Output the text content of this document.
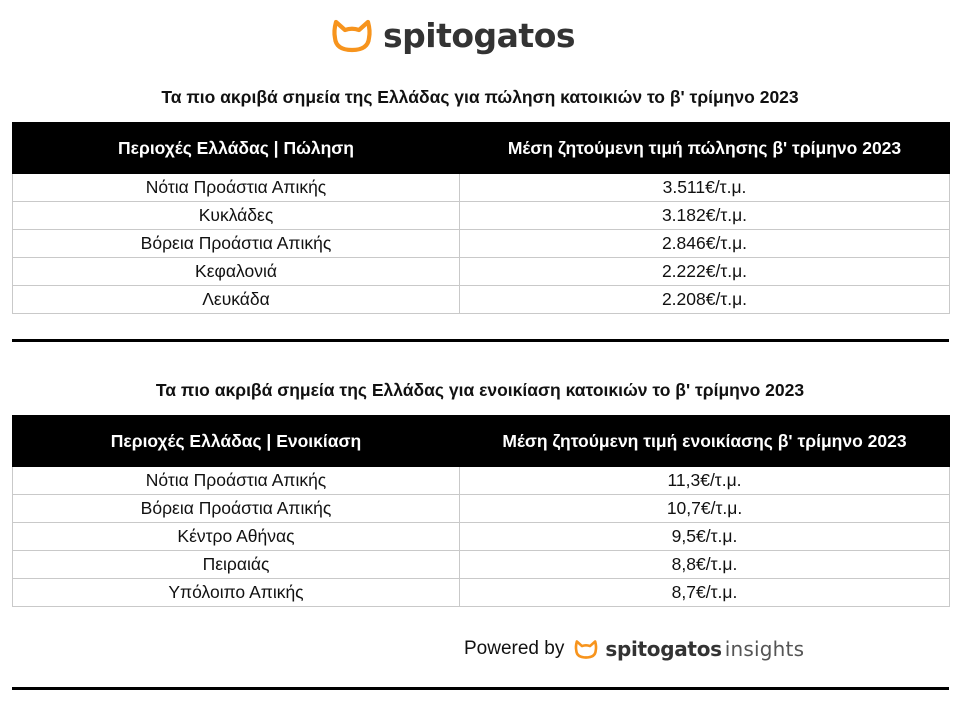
spitogatos
Τα πιο ακριβά σημεία της Ελλάδας για πώληση κατοικιών το β' τρίμηνο 2023
Περιοχές Ελλάδας | Πώληση	Μέση ζητούμενη τιμή πώλησης β' τρίμηνο 2023
Νότια Προάστια Απικής	3.511€/τ.μ.
Κυκλάδες	3.182€/τ.μ.
Βόρεια Προάστια Απικής	2.846€/τ.μ.
Κεφαλονιά	2.222€/τ.μ.
Λευκάδα	2.208€/τ.μ.
Τα πιο ακριβά σημεία της Ελλάδας για ενοικίαση κατοικιών το β' τρίμηνο 2023
Περιοχές Ελλάδας | Ενοικίαση	Μέση ζητούμενη τιμή ενοικίασης β' τρίμηνο 2023
Νότια Προάστια Απικής	11,3€/τ.μ.
Βόρεια Προάστια Απικής	10,7€/τ.μ.
Κέντρο Αθήνας	9,5€/τ.μ.
Πειραιάς	8,8€/τ.μ.
Υπόλοιπο Απικής	8,7€/τ.μ.
Powered by spitogatos insights
